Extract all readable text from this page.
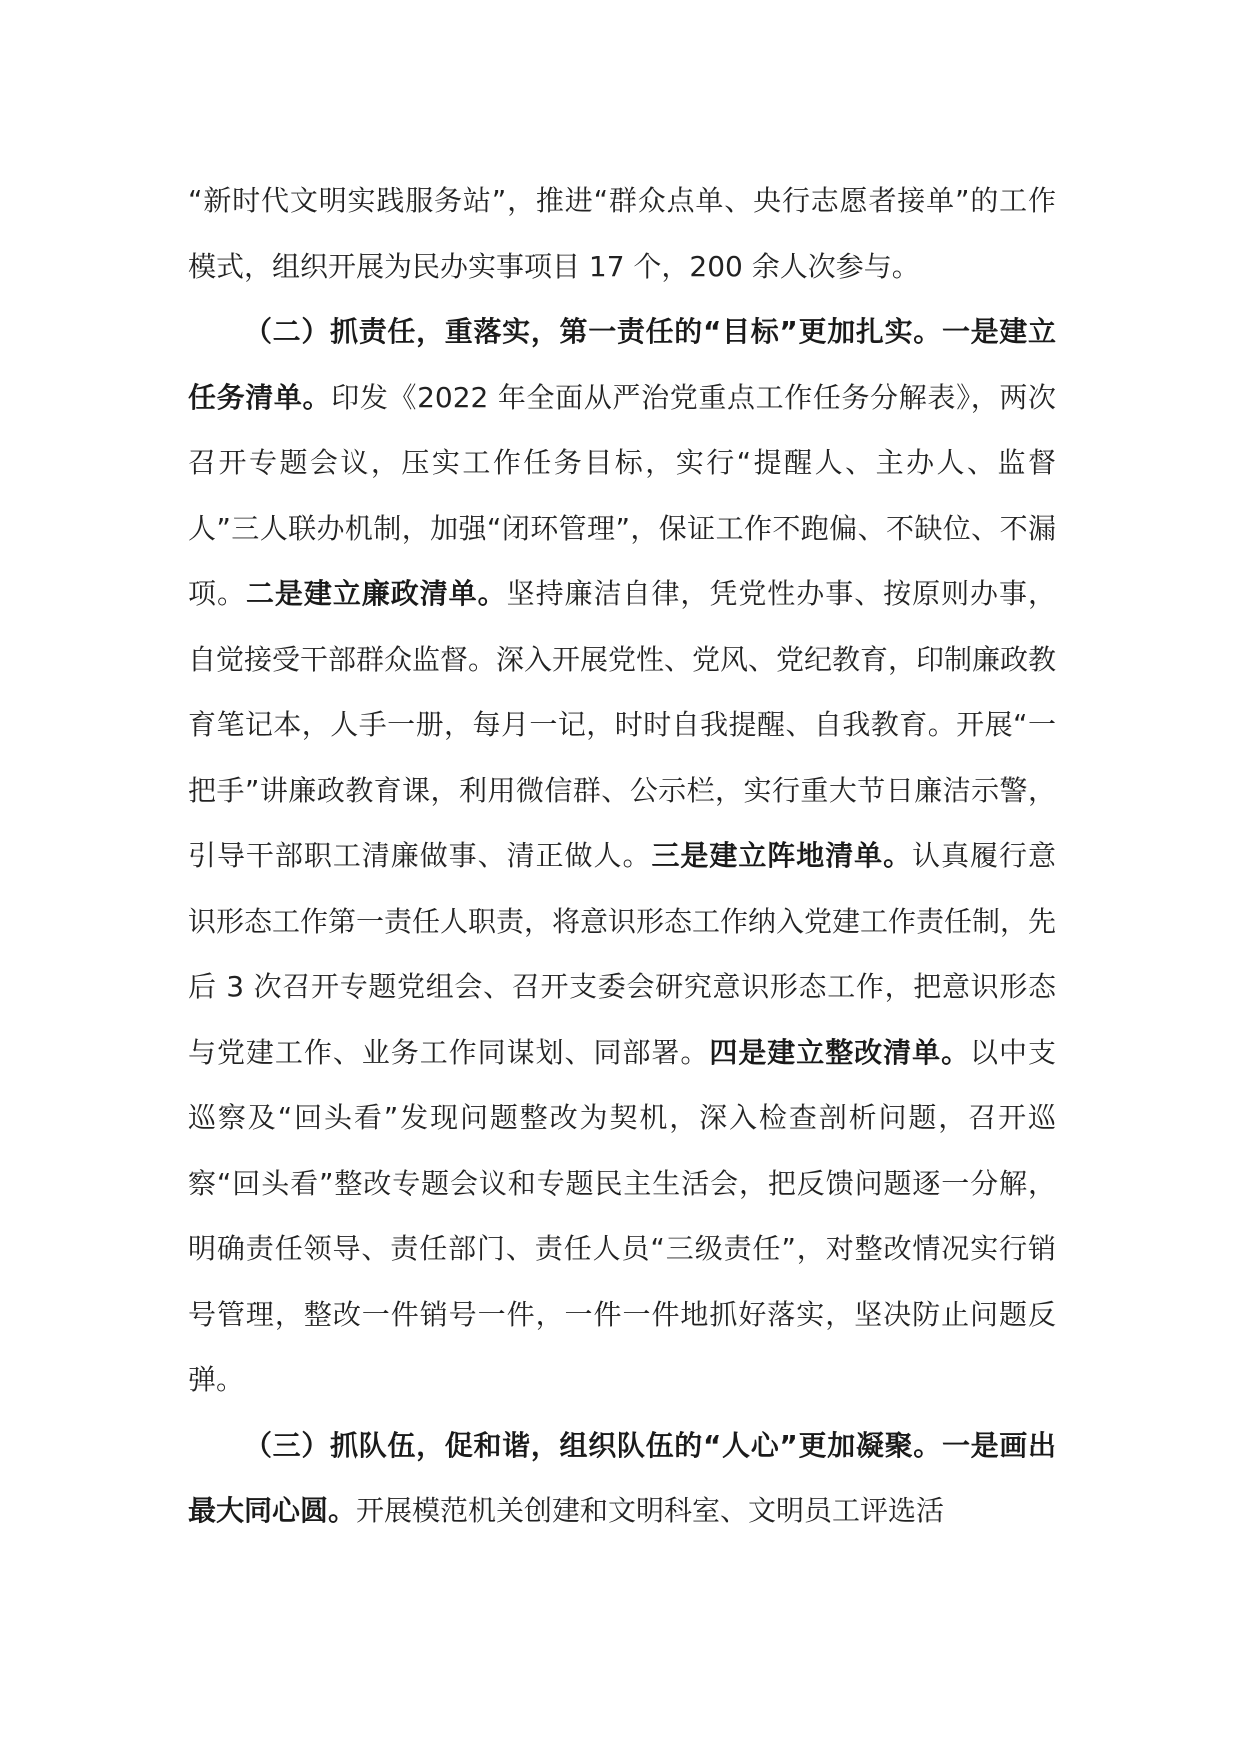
“新时代文明实践服务站”，推进“群众点单、央行志愿者接单”的工作模式，组织开展为民办实事项目 17 个，200 余人次参与。

（二）抓责任，重落实，第一责任的“目标”更加扎实。一是建立任务清单。印发《2022 年全面从严治党重点工作任务分解表》，两次召开专题会议，压实工作任务目标，实行“提醒人、主办人、监督人”三人联办机制，加强“闭环管理”，保证工作不跑偏、不缺位、不漏项。二是建立廉政清单。坚持廉洁自律，凭党性办事、按原则办事，自觉接受干部群众监督。深入开展党性、党风、党纪教育，印制廉政教育笔记本，人手一册，每月一记，时时自我提醒、自我教育。开展“一把手”讲廉政教育课，利用微信群、公示栏，实行重大节日廉洁示警，引导干部职工清廉做事、清正做人。三是建立阵地清单。认真履行意识形态工作第一责任人职责，将意识形态工作纳入党建工作责任制，先后 3 次召开专题党组会、召开支委会研究意识形态工作，把意识形态与党建工作、业务工作同谋划、同部署。四是建立整改清单。以中支巡察及“回头看”发现问题整改为契机，深入检查剖析问题，召开巡察“回头看”整改专题会议和专题民主生活会，把反馈问题逐一分解，明确责任领导、责任部门、责任人员“三级责任”，对整改情况实行销号管理，整改一件销号一件，一件一件地抓好落实，坚决防止问题反弹。

（三）抓队伍，促和谐，组织队伍的“人心”更加凝聚。一是画出最大同心圆。开展模范机关创建和文明科室、文明员工评选活
